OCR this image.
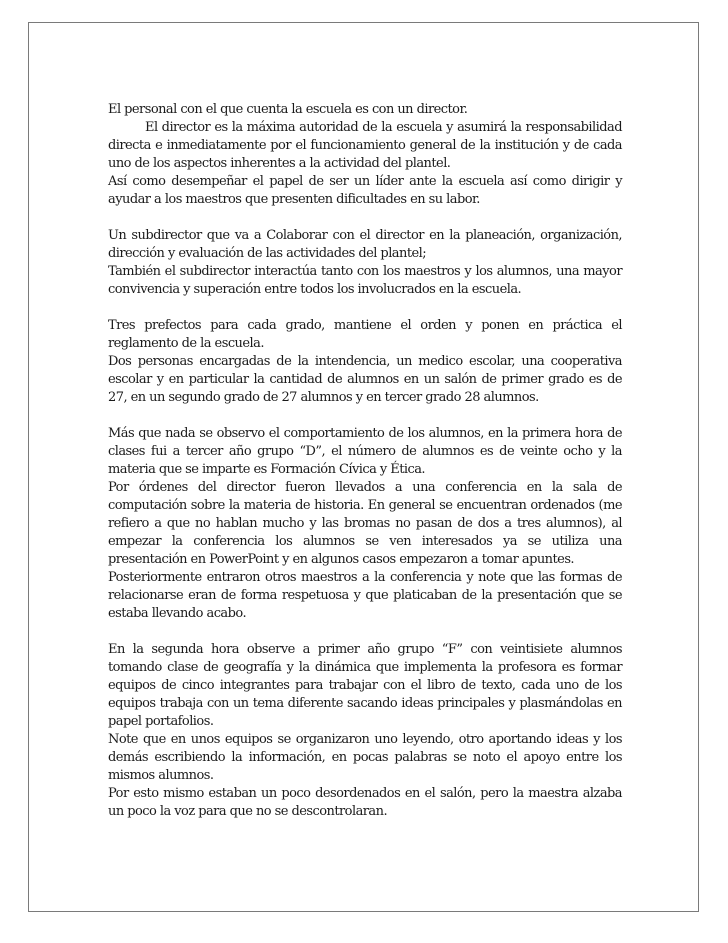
El personal con el que cuenta la escuela es con un director.

El director es la máxima autoridad de la escuela y asumirá la responsabilidad directa e inmediatamente por el funcionamiento general de la institución y de cada uno de los aspectos inherentes a la actividad del plantel.

Así como desempeñar el papel de ser un líder ante la escuela así como dirigir y ayudar a los maestros que presenten dificultades en su labor.

Un subdirector que va a Colaborar con el director en la planeación, organización, dirección y evaluación de las actividades del plantel;

También el subdirector interactúa tanto con los maestros y los alumnos, una mayor convivencia y superación entre todos los involucrados en la escuela.

Tres prefectos para cada grado, mantiene el orden y ponen en práctica el reglamento de la escuela.

Dos personas encargadas de la intendencia, un medico escolar, una cooperativa escolar y en particular la cantidad de alumnos en un salón de primer grado es de 27, en un segundo grado de 27 alumnos y en tercer grado 28 alumnos.

Más que nada se observo el comportamiento de los alumnos, en la primera hora de clases fui a tercer año grupo “D”, el número de alumnos es de veinte ocho y la materia que se imparte es Formación Cívica y Ética.

Por órdenes del director fueron llevados a una conferencia en la sala de computación sobre la materia de historia. En general se encuentran ordenados (me refiero a que no hablan mucho y las bromas no pasan de dos a tres alumnos), al empezar la conferencia los alumnos se ven interesados ya se utiliza una presentación en PowerPoint y en algunos casos empezaron a tomar apuntes.

Posteriormente entraron otros maestros a la conferencia y note que las formas de relacionarse eran de forma respetuosa y que platicaban de la presentación que se estaba llevando acabo.

En la segunda hora observe a primer año grupo “F” con veintisiete alumnos tomando clase de geografía y la dinámica que implementa la profesora es formar equipos de cinco integrantes para trabajar con el libro de texto, cada uno de los equipos trabaja con un tema diferente sacando ideas principales y plasmándolas en papel portafolios.

Note que en unos equipos se organizaron uno leyendo, otro aportando ideas y los demás escribiendo la información, en pocas palabras se noto el apoyo entre los mismos alumnos.

Por esto mismo estaban un poco desordenados en el salón, pero la maestra alzaba un poco la voz para que no se descontrolaran.
